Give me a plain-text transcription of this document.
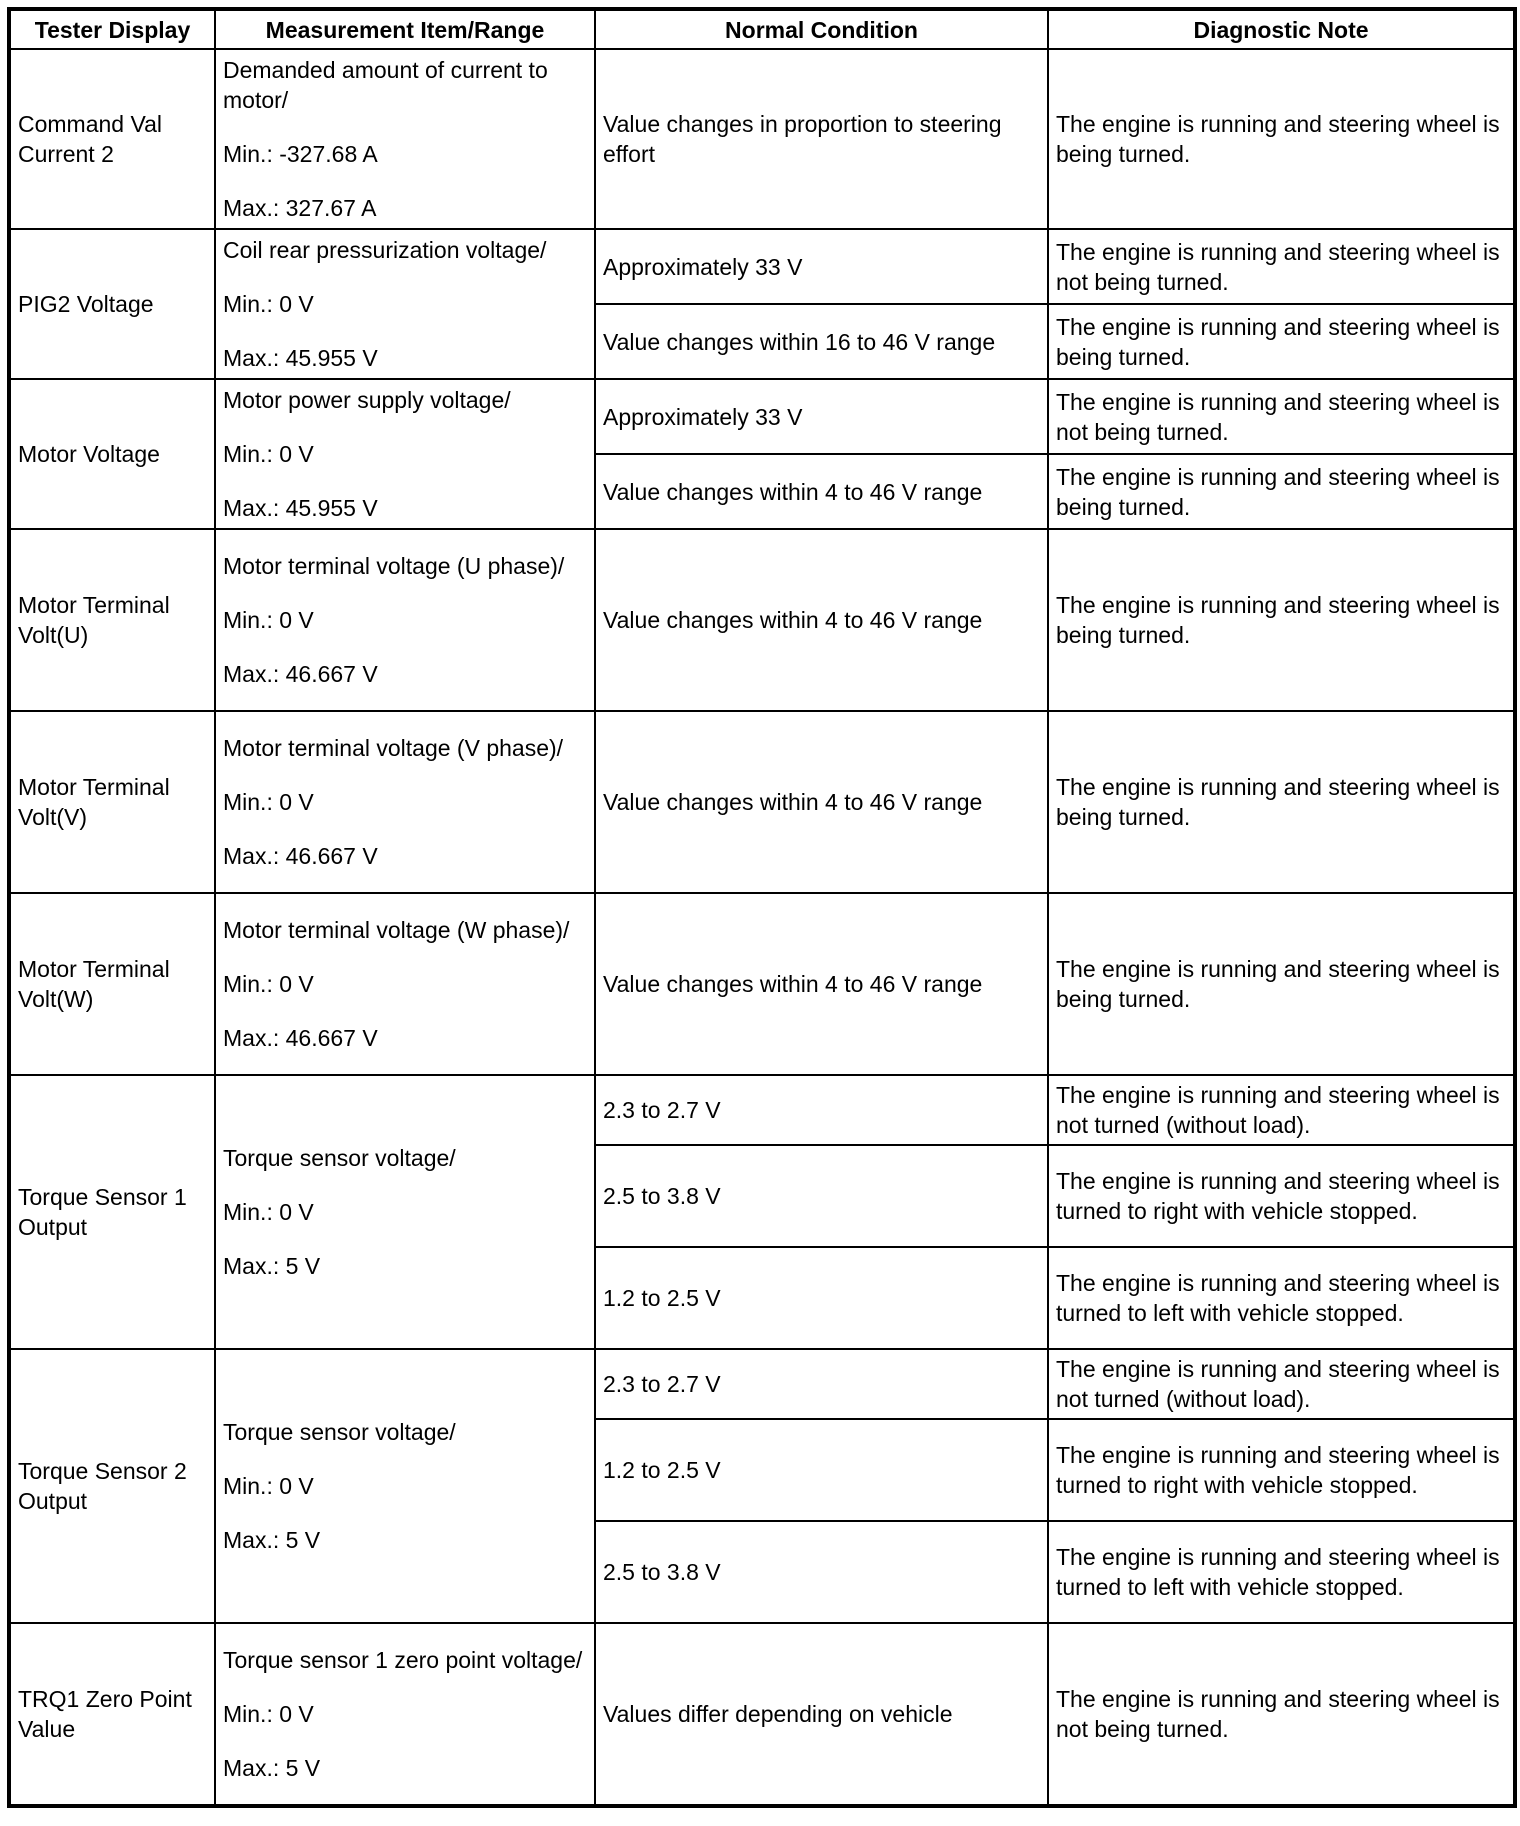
Tester Display	Measurement Item/Range	Normal Condition	Diagnostic Note
Command Val Current 2	Demanded amount of current to motor/

Min.: -327.68 A

Max.: 327.67 A	Value changes in proportion to steering effort	The engine is running and steering wheel is being turned.
PIG2 Voltage	Coil rear pressurization voltage/

Min.: 0 V

Max.: 45.955 V	Approximately 33 V	The engine is running and steering wheel is not being turned.
		Value changes within 16 to 46 V range	The engine is running and steering wheel is being turned.
Motor Voltage	Motor power supply voltage/

Min.: 0 V

Max.: 45.955 V	Approximately 33 V	The engine is running and steering wheel is not being turned.
		Value changes within 4 to 46 V range	The engine is running and steering wheel is being turned.
Motor Terminal Volt(U)	Motor terminal voltage (U phase)/

Min.: 0 V

Max.: 46.667 V	Value changes within 4 to 46 V range	The engine is running and steering wheel is being turned.
Motor Terminal Volt(V)	Motor terminal voltage (V phase)/

Min.: 0 V

Max.: 46.667 V	Value changes within 4 to 46 V range	The engine is running and steering wheel is being turned.
Motor Terminal Volt(W)	Motor terminal voltage (W phase)/

Min.: 0 V

Max.: 46.667 V	Value changes within 4 to 46 V range	The engine is running and steering wheel is being turned.
Torque Sensor 1 Output	Torque sensor voltage/

Min.: 0 V

Max.: 5 V	2.3 to 2.7 V	The engine is running and steering wheel is not turned (without load).
		2.5 to 3.8 V	The engine is running and steering wheel is turned to right with vehicle stopped.
		1.2 to 2.5 V	The engine is running and steering wheel is turned to left with vehicle stopped.
Torque Sensor 2 Output	Torque sensor voltage/

Min.: 0 V

Max.: 5 V	2.3 to 2.7 V	The engine is running and steering wheel is not turned (without load).
		1.2 to 2.5 V	The engine is running and steering wheel is turned to right with vehicle stopped.
		2.5 to 3.8 V	The engine is running and steering wheel is turned to left with vehicle stopped.
TRQ1 Zero Point Value	Torque sensor 1 zero point voltage/

Min.: 0 V

Max.: 5 V	Values differ depending on vehicle	The engine is running and steering wheel is not being turned.
